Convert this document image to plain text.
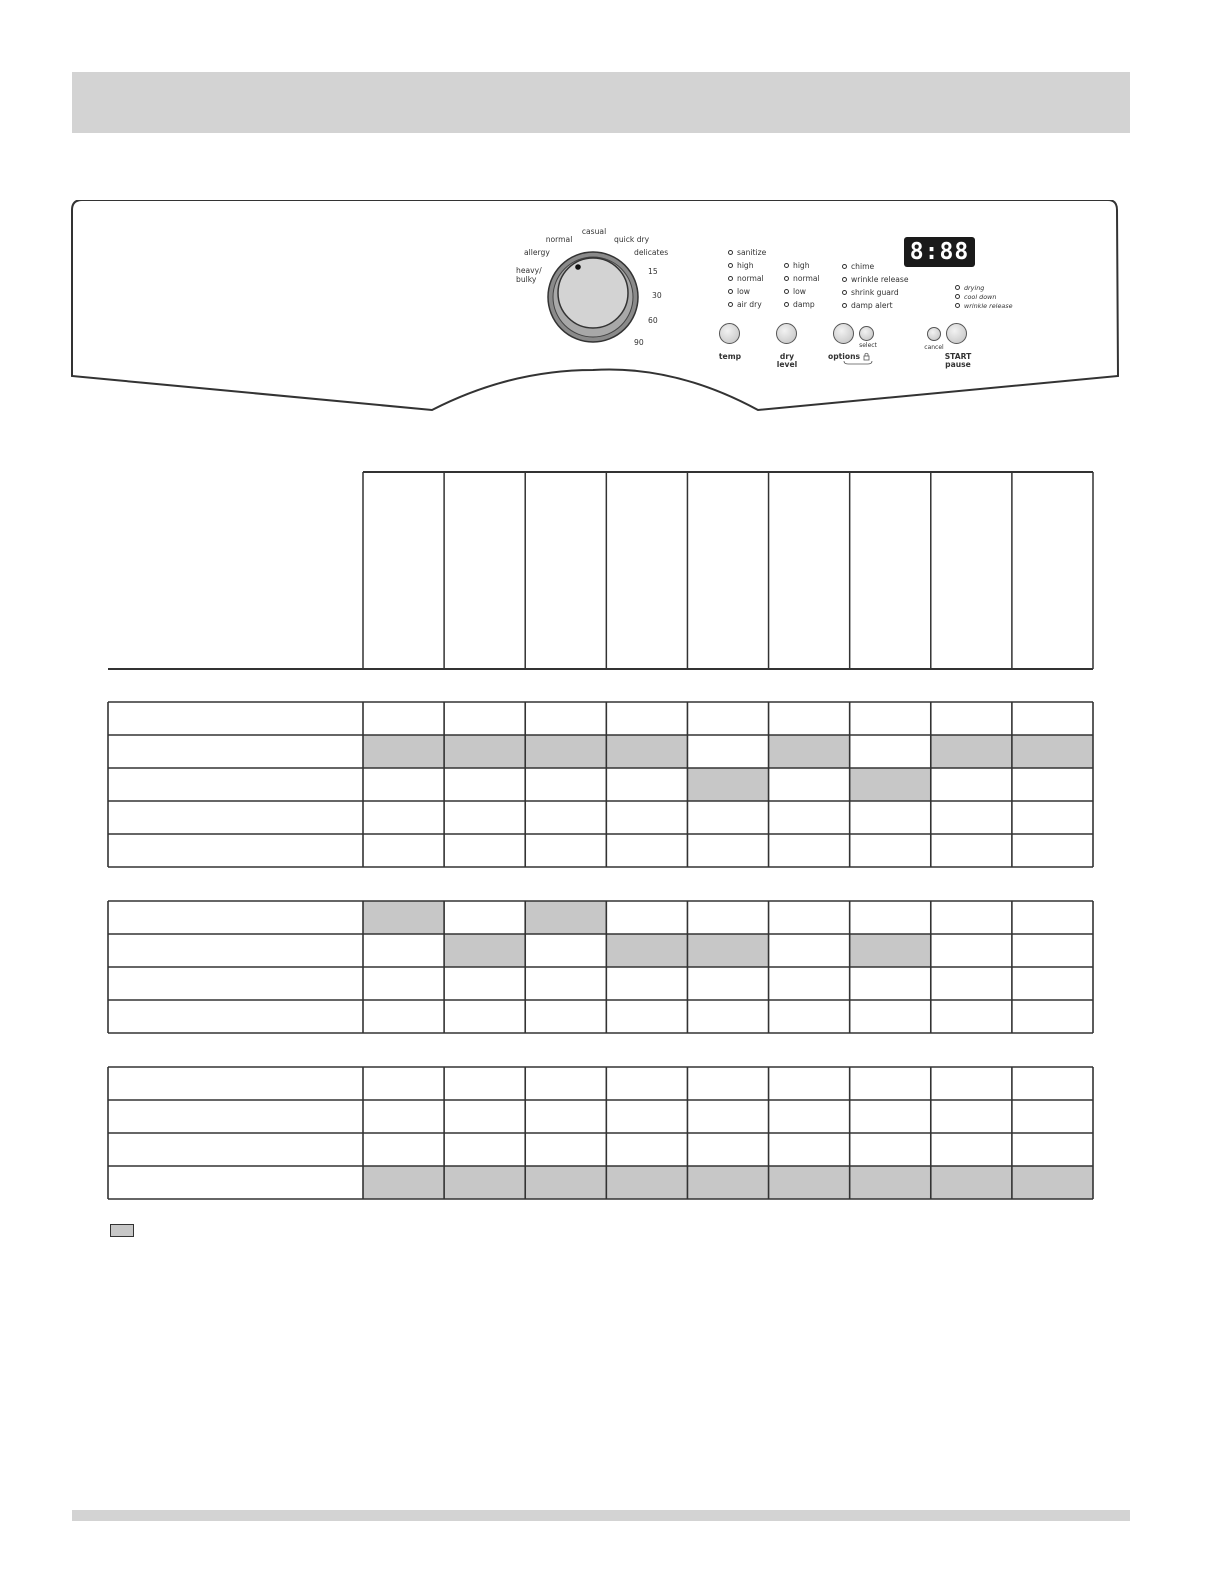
casual
normal	quick dry
allergy	delicates
heavy/
bulky
15
30
60
90
sanitize
high
normal
low
air dry
high
normal
low
damp
chime
wrinkle release
shrink guard
damp alert
8:88
drying
cool down
wrinkle release
temp	dry
level
options
select	cancel
START
pause
